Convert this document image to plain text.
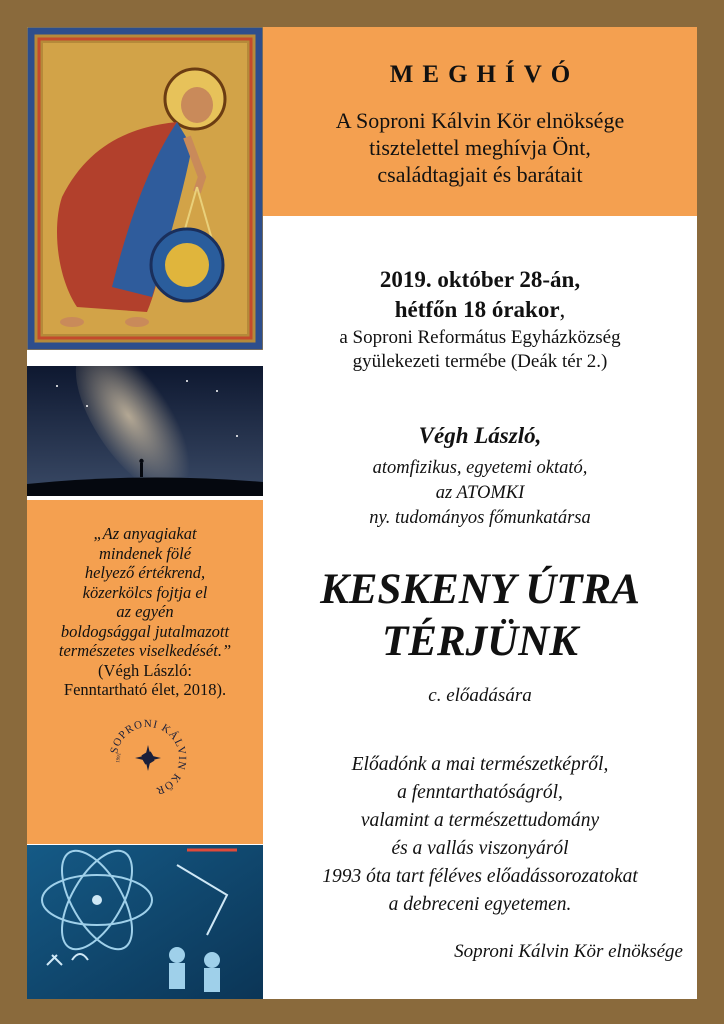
„Az anyagiakat
mindenek fölé
helyező értékrend,
közerkölcs fojtja el
az egyén
boldogsággal jutalmazott
természetes viselkedését.”
(Végh László:
Fenntartható élet, 2018).
SOPRONI KÁLVIN KÖR
1991
MEGHÍVÓ
A Soproni Kálvin Kör elnöksége
tisztelettel meghívja Önt,
családtagjait és barátait
2019. október 28-án,
hétfőn 18 órakor,
a Soproni Református Egyházközség
gyülekezeti termébe (Deák tér 2.)
Végh László,
atomfizikus, egyetemi oktató,
az ATOMKI
ny. tudományos főmunkatársa
KESKENY ÚTRA
TÉRJÜNK
c. előadására
Előadónk a mai természetképről,
a fenntarthatóságról,
valamint a természettudomány
és a vallás viszonyáról
1993 óta tart féléves előadássorozatokat
a debreceni egyetemen.
Soproni Kálvin Kör elnöksége
